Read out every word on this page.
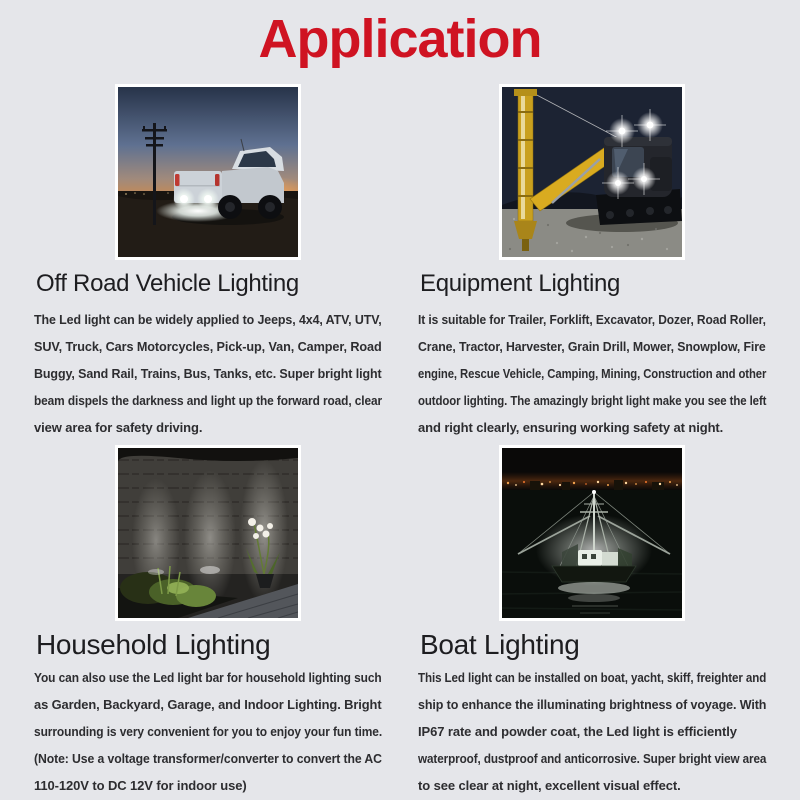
Application
Off Road Vehicle Lighting
The Led light can be widely applied to Jeeps, 4x4, ATV, UTV,
SUV, Truck, Cars Motorcycles, Pick-up, Van, Camper, Road
Buggy, Sand Rail, Trains, Bus, Tanks, etc. Super bright light
beam dispels the darkness and light up the forward road, clear
view area for safety driving.
Equipment Lighting
It is suitable for Trailer, Forklift, Excavator, Dozer, Road Roller,
Crane, Tractor, Harvester, Grain Drill, Mower, Snowplow, Fire
engine, Rescue Vehicle, Camping, Mining, Construction and other
outdoor lighting. The amazingly bright light make you see the left
and right clearly, ensuring working safety at night.
Household Lighting
You can also use the Led light bar for household lighting such
as Garden, Backyard, Garage, and Indoor Lighting. Bright
surrounding is very convenient for you to enjoy your fun time.
(Note: Use a voltage transformer/converter to convert the AC
110-120V to DC 12V for indoor use)
Boat Lighting
This Led light can be installed on boat, yacht, skiff, freighter and
ship to enhance the illuminating brightness of voyage. With
IP67 rate and powder coat, the Led light is efficiently
waterproof, dustproof and anticorrosive. Super bright view area
to see clear at night, excellent visual effect.
